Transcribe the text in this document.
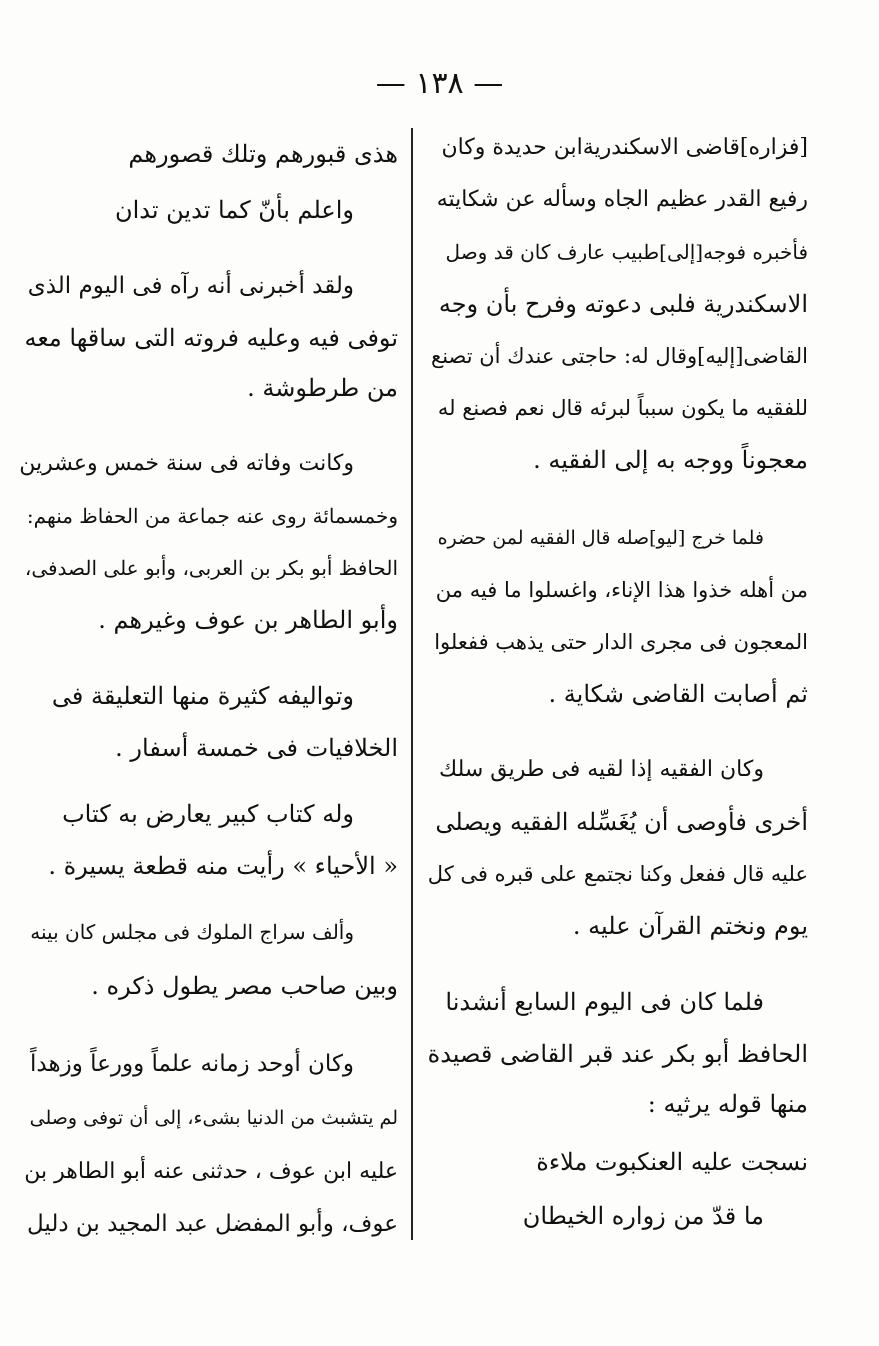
— ١٣٨ —
[فزاره]قاضى الاسكندريةابن حديدة وكان
رفيع القدر عظيم الجاه وسأله عن شكايته
فأخبره فوجه[إلى]طبيب عارف كان قد وصل
الاسكندرية فلبى دعوته وفرح بأن وجه
القاضى[إليه]وقال له: حاجتى عندك أن تصنع
للفقيه ما يكون سبباً لبرئه قال نعم فصنع له
معجوناً ووجه به إلى الفقيه .
فلما خرج [ليو]صله قال الفقيه لمن حضره
من أهله خذوا هذا الإناء، واغسلوا ما فيه من
المعجون فى مجرى الدار حتى يذهب ففعلوا
ثم أصابت القاضى شكاية .
وكان الفقيه إذا لقيه فى طريق سلك
أخرى فأوصى أن يُغَسِّله الفقيه ويصلى
عليه قال ففعل وكنا نجتمع على قبره فى كل
يوم ونختم القرآن عليه .
فلما كان فى اليوم السابع أنشدنا
الحافظ أبو بكر عند قبر القاضى قصيدة
منها قوله يرثيه :
نسجت عليه العنكبوت ملاءة
ما قدّ من زواره الخيطان
هذى قبورهم وتلك قصورهم
واعلم بأنّ كما تدين تدان
ولقد أخبرنى أنه رآه فى اليوم الذى
توفى فيه وعليه فروته التى ساقها معه
من طرطوشة .
وكانت وفاته فى سنة خمس وعشرين
وخمسمائة روى عنه جماعة من الحفاظ منهم:
الحافظ أبو بكر بن العربى، وأبو على الصدفى،
وأبو الطاهر بن عوف وغيرهم .
وتواليفه كثيرة منها التعليقة فى
الخلافيات فى خمسة أسفار .
وله كتاب كبير يعارض به كتاب
« الأحياء » رأيت منه قطعة يسيرة .
وألف سراج الملوك فى مجلس كان بينه
وبين صاحب مصر يطول ذكره .
وكان أوحد زمانه علماً وورعاً وزهداً
لم يتشبث من الدنيا بشىء، إلى أن توفى وصلى
عليه ابن عوف ، حدثنى عنه أبو الطاهر بن
عوف، وأبو المفضل عبد المجيد بن دليل
